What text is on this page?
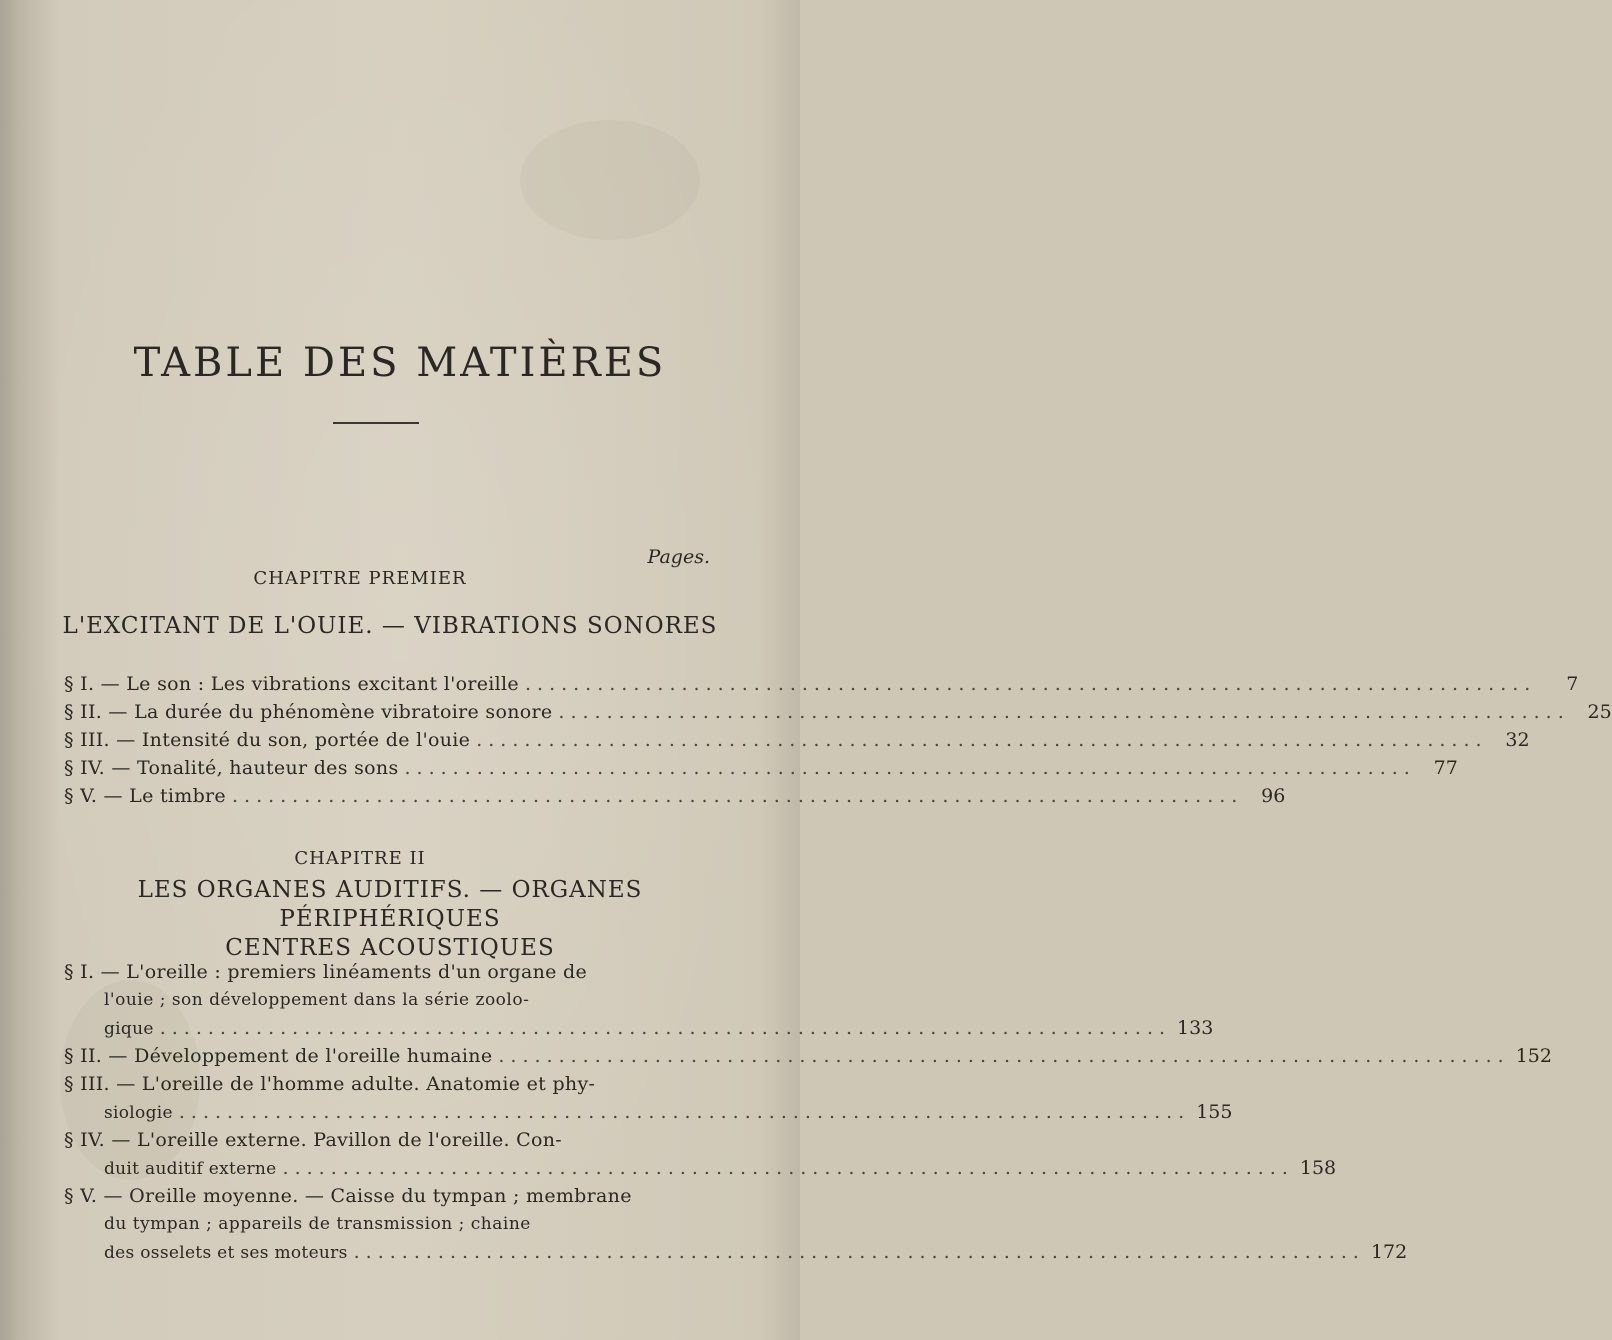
TABLE DES MATIÈRES
Pages.
CHAPITRE PREMIER
L'EXCITANT DE L'OUIE. — VIBRATIONS SONORES
§ I. — Le son : Les vibrations excitant l'oreille ....................................................................................	7
§ II. — La durée du phénomène vibratoire sonore .................................................................................... 25
§ III. — Intensité du son, portée de l'ouie .................................................................................... 32
§ IV. — Tonalité, hauteur des sons .................................................................................... 77
§ V. — Le timbre .................................................................................... 96
CHAPITRE II
LES ORGANES AUDITIFS. — ORGANES PÉRIPHÉRIQUES
CENTRES ACOUSTIQUES
§ I. — L'oreille : premiers linéaments d'un organe de
l'ouie ; son développement dans la série zoolo-
gique .................................................................................... 133
§ II. — Développement de l'oreille humaine .................................................................................... 152
§ III. — L'oreille de l'homme adulte. Anatomie et phy-
siologie .................................................................................... 155
§ IV. — L'oreille externe. Pavillon de l'oreille. Con-
duit auditif externe .................................................................................... 158
§ V. — Oreille moyenne. — Caisse du tympan ; membrane
du tympan ; appareils de transmission ; chaine
des osselets et ses moteurs .................................................................................... 172
